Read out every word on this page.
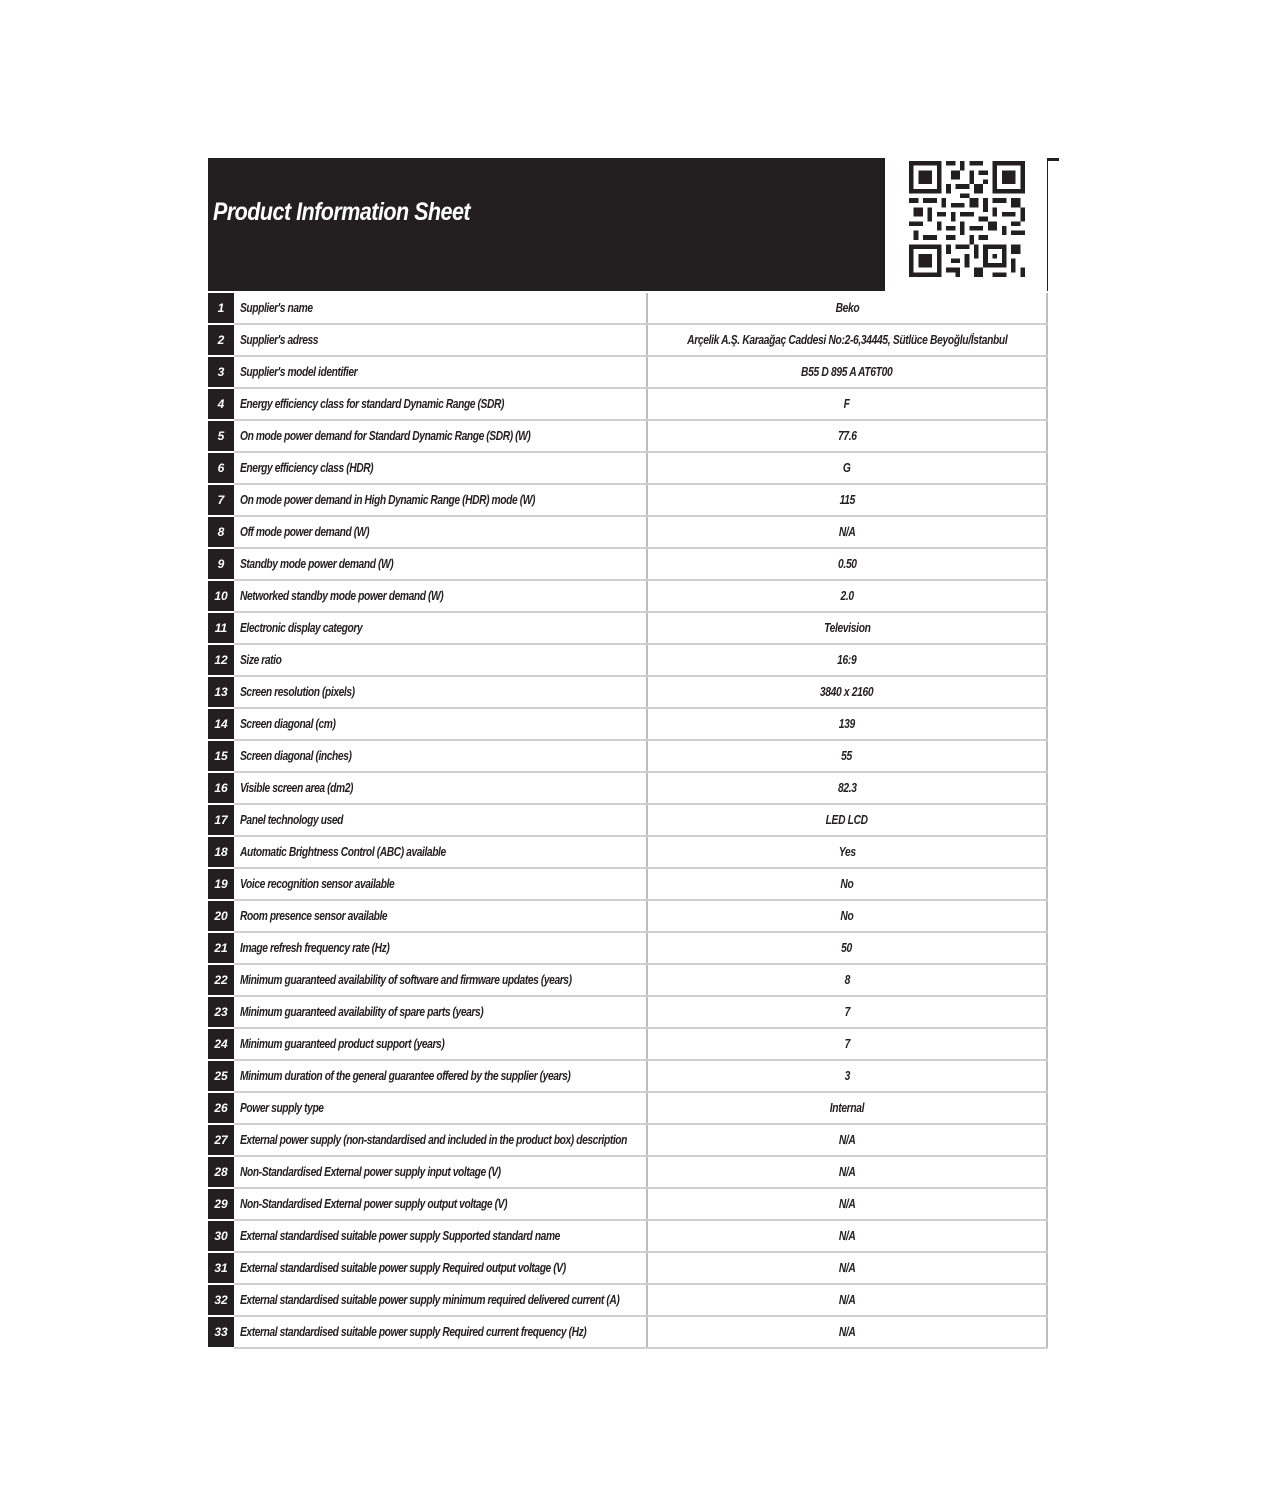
Product Information Sheet
1	Supplier's name	Beko
2	Supplier's adress	Arçelik A.Ş. Karaağaç Caddesi No:2-6,34445, Sütlüce Beyoğlu/İstanbul
3	Supplier's model identifier	B55 D 895 A AT6T00
4	Energy efficiency class for standard Dynamic Range (SDR)	F
5	On mode power demand for Standard Dynamic Range (SDR) (W)	77.6
6	Energy efficiency class (HDR)	G
7	On mode power demand in High Dynamic Range (HDR) mode (W)	115
8	Off mode power demand (W)	N/A
9	Standby mode power demand (W)	0.50
10	Networked standby mode power demand (W)	2.0
11	Electronic display category	Television
12	Size ratio	16:9
13	Screen resolution (pixels)	3840 x 2160
14	Screen diagonal (cm)	139
15	Screen diagonal (inches)	55
16	Visible screen area (dm2)	82.3
17	Panel technology used	LED LCD
18	Automatic Brightness Control (ABC) available	Yes
19	Voice recognition sensor available	No
20	Room presence sensor available	No
21	Image refresh frequency rate (Hz)	50
22	Minimum guaranteed availability of software and firmware updates (years)	8
23	Minimum guaranteed availability of spare parts (years)	7
24	Minimum guaranteed product support (years)	7
25	Minimum duration of the general guarantee offered by the supplier (years)	3
26	Power supply type	Internal
27	External power supply (non-standardised and included in the product box) description	N/A
28	Non-Standardised External power supply input voltage (V)	N/A
29	Non-Standardised External power supply output voltage (V)	N/A
30	External standardised suitable power supply Supported standard name	N/A
31	External standardised suitable power supply Required output voltage (V)	N/A
32	External standardised suitable power supply minimum required delivered current (A)	N/A
33	External standardised suitable power supply Required current frequency (Hz)	N/A
